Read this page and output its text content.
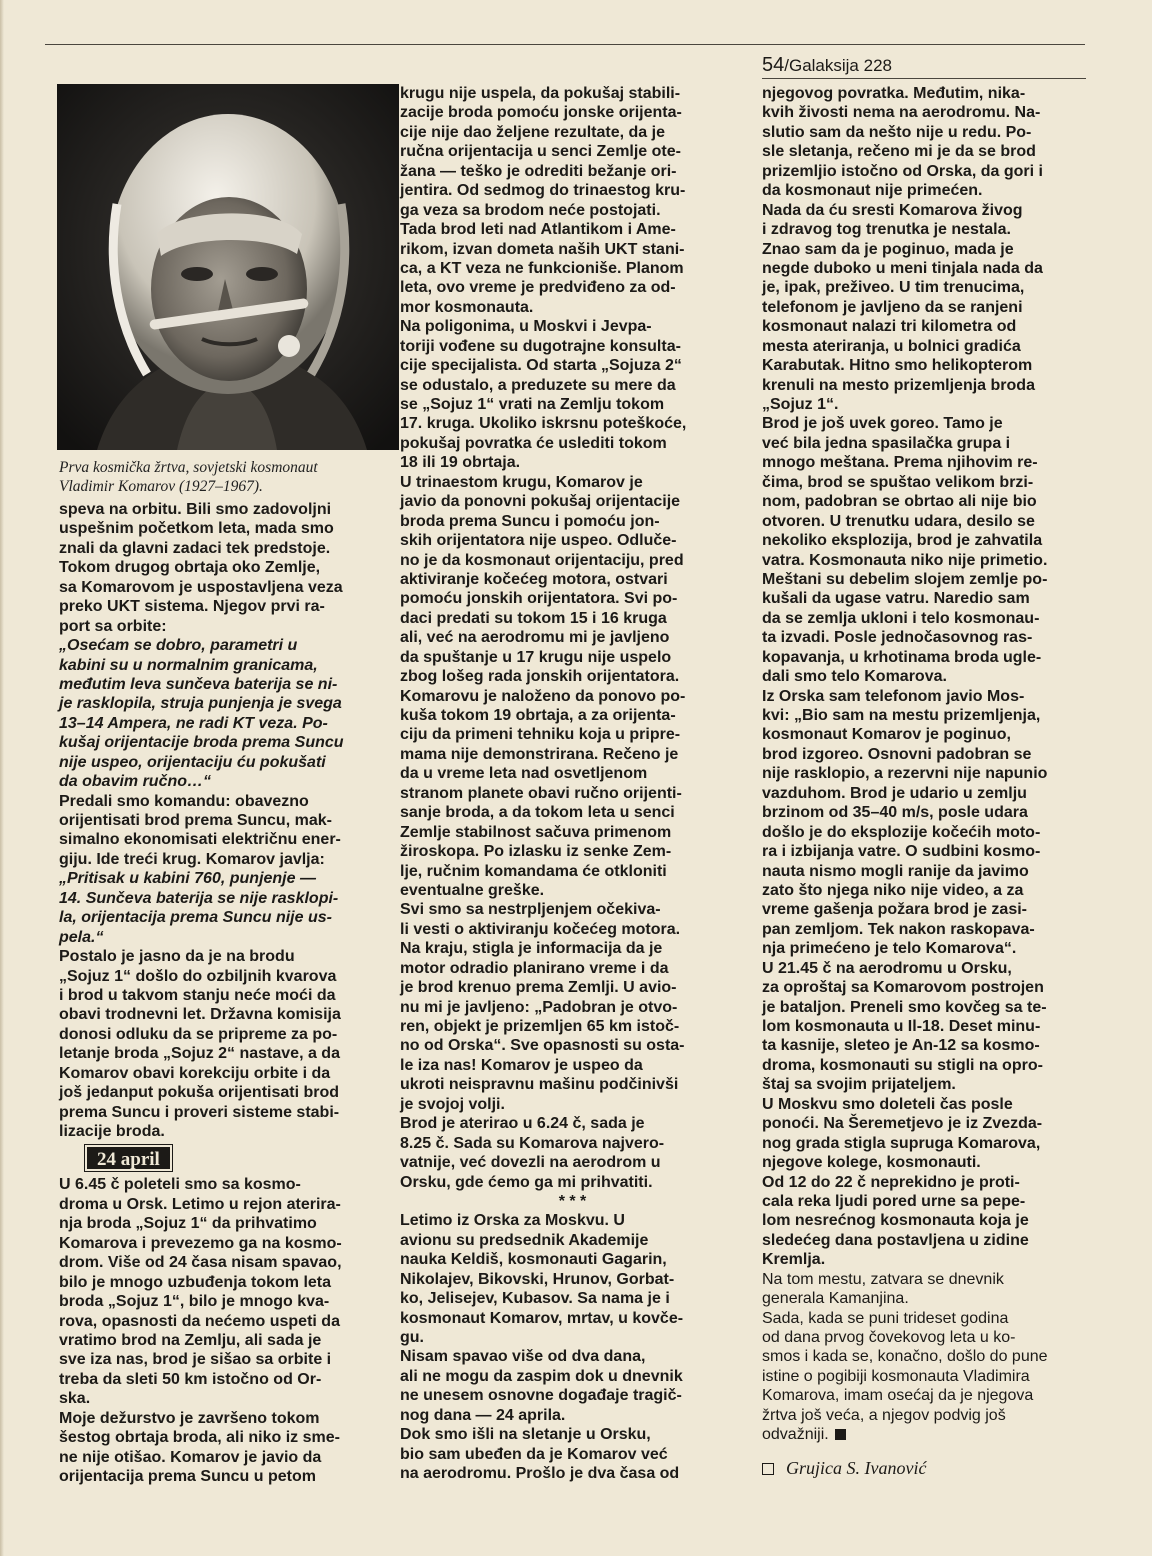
54/Galaksija 228
Prva kosmička žrtva, sovjetski kosmonaut
Vladimir Komarov (1927–1967).
speva na orbitu. Bili smo zadovoljni
uspešnim početkom leta, mada smo
znali da glavni zadaci tek predstoje.
Tokom drugog obrtaja oko Zemlje,
sa Komarovom je uspostavljena veza
preko UKT sistema. Njegov prvi ra-
port sa orbite:
„Osećam se dobro, parametri u
kabini su u normalnim granicama,
međutim leva sunčeva baterija se ni-
je rasklopila, struja punjenja je svega
13–14 Ampera, ne radi KT veza. Po-
kušaj orijentacije broda prema Suncu
nije uspeo, orijentaciju ću pokušati
da obavim ručno…“
Predali smo komandu: obavezno
orijentisati brod prema Suncu, mak-
simalno ekonomisati električnu ener-
giju. Ide treći krug. Komarov javlja:
„Pritisak u kabini 760, punjenje —
14. Sunčeva baterija se nije rasklopi-
la, orijentacija prema Suncu nije us-
pela.“
Postalo je jasno da je na brodu
„Sojuz 1“ došlo do ozbiljnih kvarova
i brod u takvom stanju neće moći da
obavi trodnevni let. Državna komisija
donosi odluku da se pripreme za po-
letanje broda „Sojuz 2“ nastave, a da
Komarov obavi korekciju orbite i da
još jedanput pokuša orijentisati brod
prema Suncu i proveri sisteme stabi-
lizacije broda.
24 april
U 6.45 č poleteli smo sa kosmo-
droma u Orsk. Letimo u rejon aterira-
nja broda „Sojuz 1“ da prihvatimo
Komarova i prevezemo ga na kosmo-
drom. Više od 24 časa nisam spavao,
bilo je mnogo uzbuđenja tokom leta
broda „Sojuz 1“, bilo je mnogo kva-
rova, opasnosti da nećemo uspeti da
vratimo brod na Zemlju, ali sada je
sve iza nas, brod je sišao sa orbite i
treba da sleti 50 km istočno od Or-
ska.
Moje dežurstvo je završeno tokom
šestog obrtaja broda, ali niko iz sme-
ne nije otišao. Komarov je javio da
orijentacija prema Suncu u petom
krugu nije uspela, da pokušaj stabili-
zacije broda pomoću jonske orijenta-
cije nije dao željene rezultate, da je
ručna orijentacija u senci Zemlje ote-
žana — teško je odrediti bežanje ori-
jentira. Od sedmog do trinaestog kru-
ga veza sa brodom neće postojati.
Tada brod leti nad Atlantikom i Ame-
rikom, izvan dometa naših UKT stani-
ca, a KT veza ne funkcioniše. Planom
leta, ovo vreme je predviđeno za od-
mor kosmonauta.
Na poligonima, u Moskvi i Jevpa-
toriji vođene su dugotrajne konsulta-
cije specijalista. Od starta „Sojuza 2“
se odustalo, a preduzete su mere da
se „Sojuz 1“ vrati na Zemlju tokom
17. kruga. Ukoliko iskrsnu poteškoće,
pokušaj povratka će uslediti tokom
18 ili 19 obrtaja.
U trinaestom krugu, Komarov je
javio da ponovni pokušaj orijentacije
broda prema Suncu i pomoću jon-
skih orijentatora nije uspeo. Odluče-
no je da kosmonaut orijentaciju, pred
aktiviranje kočećeg motora, ostvari
pomoću jonskih orijentatora. Svi po-
daci predati su tokom 15 i 16 kruga
ali, već na aerodromu mi je javljeno
da spuštanje u 17 krugu nije uspelo
zbog lošeg rada jonskih orijentatora.
Komarovu je naloženo da ponovo po-
kuša tokom 19 obrtaja, a za orijenta-
ciju da primeni tehniku koja u pripre-
mama nije demonstrirana. Rečeno je
da u vreme leta nad osvetljenom
stranom planete obavi ručno orijenti-
sanje broda, a da tokom leta u senci
Zemlje stabilnost sačuva primenom
žiroskopa. Po izlasku iz senke Zem-
lje, ručnim komandama će otkloniti
eventualne greške.
Svi smo sa nestrpljenjem očekiva-
li vesti o aktiviranju kočećeg motora.
Na kraju, stigla je informacija da je
motor odradio planirano vreme i da
je brod krenuo prema Zemlji. U avio-
nu mi je javljeno: „Padobran je otvo-
ren, objekt je prizemljen 65 km istoč-
no od Orska“. Sve opasnosti su osta-
le iza nas! Komarov je uspeo da
ukroti neispravnu mašinu podčinivši
je svojoj volji.
Brod je aterirao u 6.24 č, sada je
8.25 č. Sada su Komarova najvero-
vatnije, već dovezli na aerodrom u
Orsku, gde ćemo ga mi prihvatiti.
* * *
Letimo iz Orska za Moskvu. U
avionu su predsednik Akademije
nauka Keldiš, kosmonauti Gagarin,
Nikolajev, Bikovski, Hrunov, Gorbat-
ko, Jelisejev, Kubasov. Sa nama je i
kosmonaut Komarov, mrtav, u kovče-
gu.
Nisam spavao više od dva dana,
ali ne mogu da zaspim dok u dnevnik
ne unesem osnovne događaje tragič-
nog dana — 24 aprila.
Dok smo išli na sletanje u Orsku,
bio sam ubeđen da je Komarov već
na aerodromu. Prošlo je dva časa od
njegovog povratka. Međutim, nika-
kvih živosti nema na aerodromu. Na-
slutio sam da nešto nije u redu. Po-
sle sletanja, rečeno mi je da se brod
prizemljio istočno od Orska, da gori i
da kosmonaut nije primećen.
Nada da ću sresti Komarova živog
i zdravog tog trenutka je nestala.
Znao sam da je poginuo, mada je
negde duboko u meni tinjala nada da
je, ipak, preživeo. U tim trenucima,
telefonom je javljeno da se ranjeni
kosmonaut nalazi tri kilometra od
mesta ateriranja, u bolnici gradića
Karabutak. Hitno smo helikopterom
krenuli na mesto prizemljenja broda
„Sojuz 1“.
Brod je još uvek goreo. Tamo je
već bila jedna spasilačka grupa i
mnogo meštana. Prema njihovim re-
čima, brod se spuštao velikom brzi-
nom, padobran se obrtao ali nije bio
otvoren. U trenutku udara, desilo se
nekoliko eksplozija, brod je zahvatila
vatra. Kosmonauta niko nije primetio.
Meštani su debelim slojem zemlje po-
kušali da ugase vatru. Naredio sam
da se zemlja ukloni i telo kosmonau-
ta izvadi. Posle jednočasovnog ras-
kopavanja, u krhotinama broda ugle-
dali smo telo Komarova.
Iz Orska sam telefonom javio Mos-
kvi: „Bio sam na mestu prizemljenja,
kosmonaut Komarov je poginuo,
brod izgoreo. Osnovni padobran se
nije rasklopio, a rezervni nije napunio
vazduhom. Brod je udario u zemlju
brzinom od 35–40 m/s, posle udara
došlo je do eksplozije kočećih moto-
ra i izbijanja vatre. O sudbini kosmo-
nauta nismo mogli ranije da javimo
zato što njega niko nije video, a za
vreme gašenja požara brod je zasi-
pan zemljom. Tek nakon raskopava-
nja primećeno je telo Komarova“.
U 21.45 č na aerodromu u Orsku,
za oproštaj sa Komarovom postrojen
je bataljon. Preneli smo kovčeg sa te-
lom kosmonauta u Il-18. Deset minu-
ta kasnije, sleteo je An-12 sa kosmo-
droma, kosmonauti su stigli na opro-
štaj sa svojim prijateljem.
U Moskvu smo doleteli čas posle
ponoći. Na Šeremetjevo je iz Zvezda-
nog grada stigla supruga Komarova,
njegove kolege, kosmonauti.
Od 12 do 22 č neprekidno je proti-
cala reka ljudi pored urne sa pepe-
lom nesrećnog kosmonauta koja je
sledećeg dana postavljena u zidine
Kremlja.
Na tom mestu, zatvara se dnevnik
generala Kamanjina.
Sada, kada se puni trideset godina
od dana prvog čovekovog leta u ko-
smos i kada se, konačno, došlo do pune
istine o pogibiji kosmonauta Vladimira
Komarova, imam osećaj da je njegova
žrtva još veća, a njegov podvig još
odvažniji.
Grujica S. Ivanović
